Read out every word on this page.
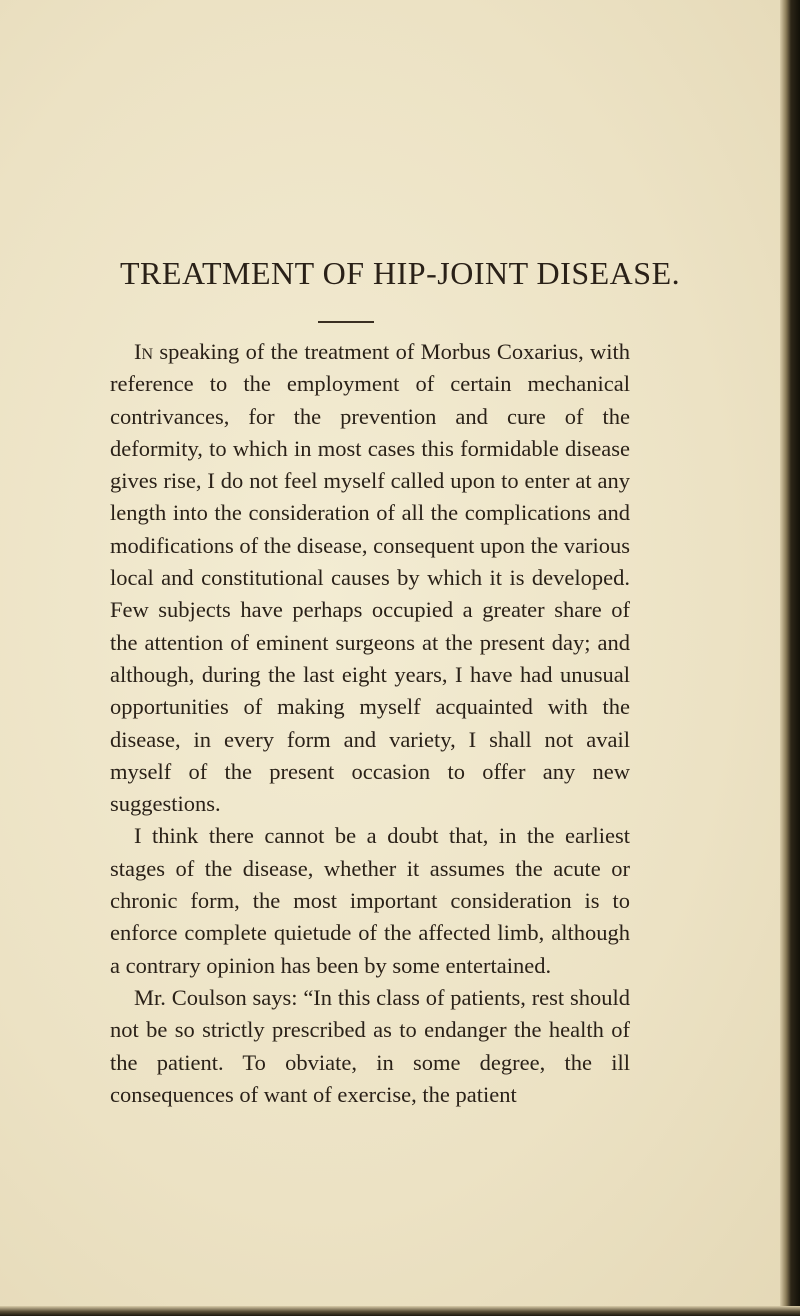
TREATMENT OF HIP-JOINT DISEASE.

In speaking of the treatment of Morbus Coxarius, with reference to the employment of certain mechanical contrivances, for the prevention and cure of the deformity, to which in most cases this formidable disease gives rise, I do not feel myself called upon to enter at any length into the consideration of all the complications and modifications of the disease, consequent upon the various local and constitutional causes by which it is developed. Few subjects have perhaps occupied a greater share of the attention of eminent surgeons at the present day; and although, during the last eight years, I have had unusual opportunities of making myself acquainted with the disease, in every form and variety, I shall not avail myself of the present occasion to offer any new suggestions.

I think there cannot be a doubt that, in the earliest stages of the disease, whether it assumes the acute or chronic form, the most important consideration is to enforce complete quietude of the affected limb, although a contrary opinion has been by some entertained.

Mr. Coulson says: “In this class of patients, rest should not be so strictly prescribed as to endanger the health of the patient. To obviate, in some degree, the ill consequences of want of exercise, the patient
